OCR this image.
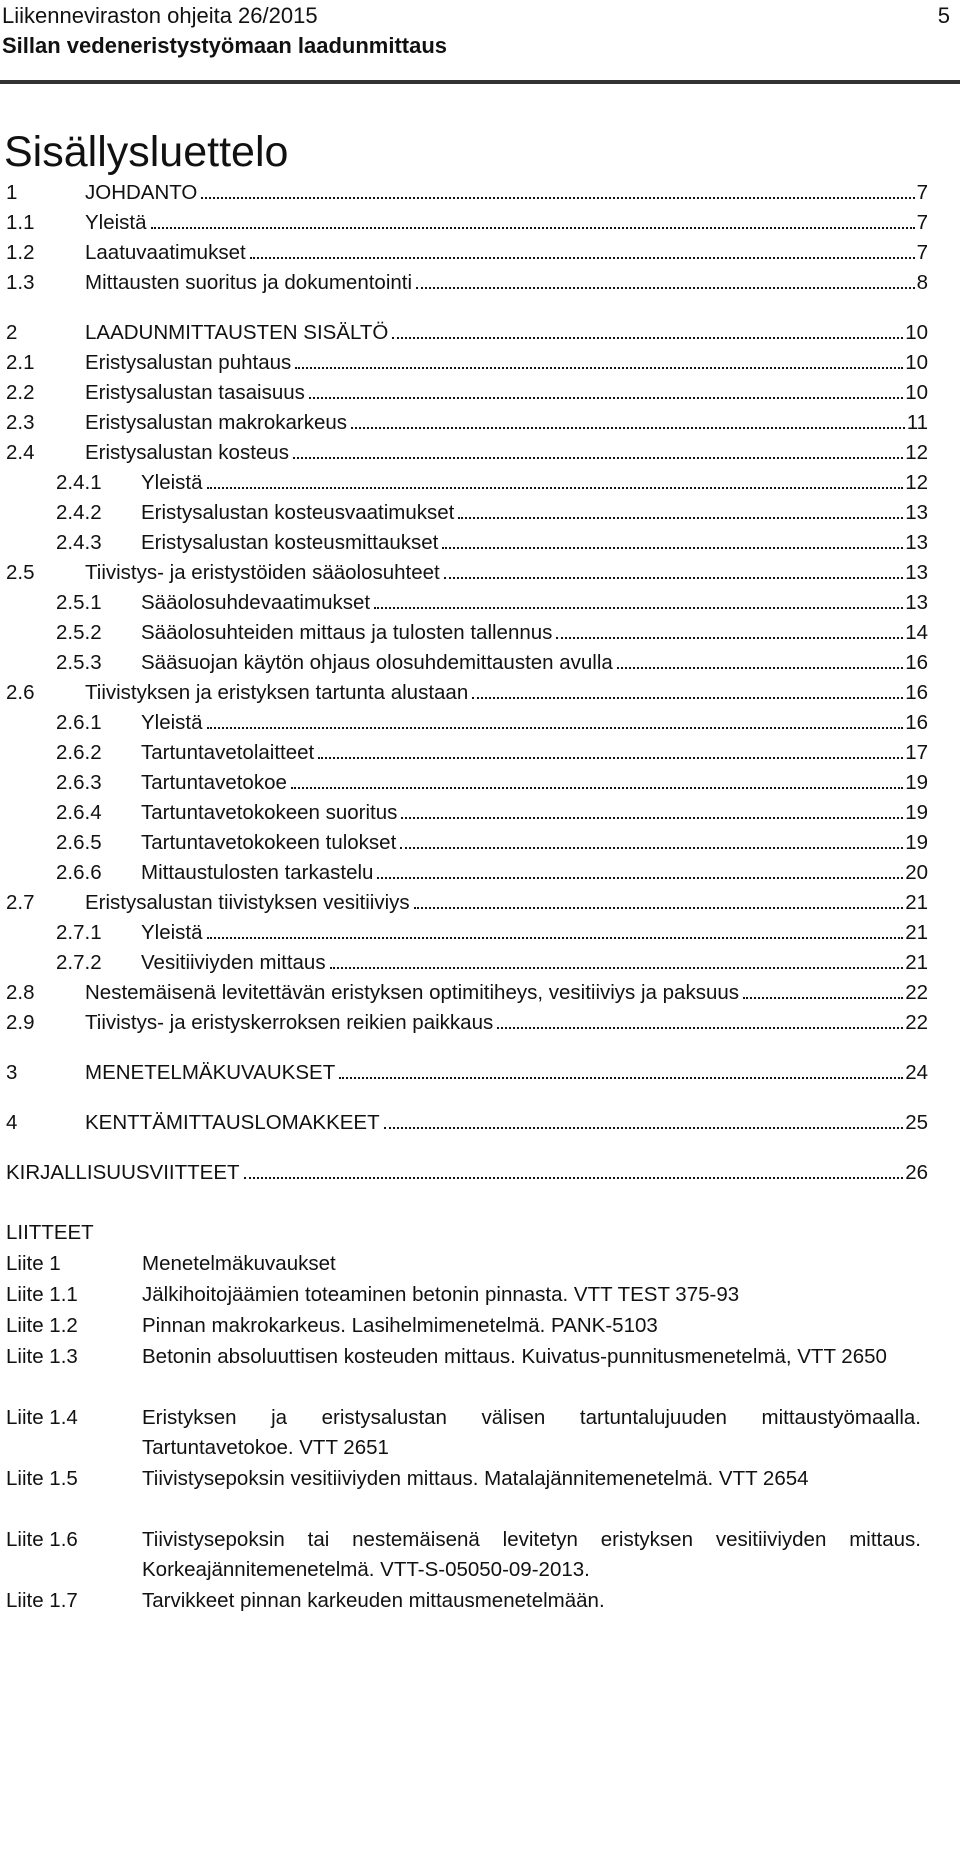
Liikenneviraston ohjeita 26/2015
Sillan vedeneristystyömaan laadunmittaus
5
Sisällysluettelo
1	JOHDANTO	7
1.1	Yleistä	7
1.2	Laatuvaatimukset	7
1.3	Mittausten suoritus ja dokumentointi	8
2	LAADUNMITTAUSTEN SISÄLTÖ	10
2.1	Eristysalustan puhtaus	10
2.2	Eristysalustan tasaisuus	10
2.3	Eristysalustan makrokarkeus	11
2.4	Eristysalustan kosteus	12
2.4.1	Yleistä	12
2.4.2	Eristysalustan kosteusvaatimukset	13
2.4.3	Eristysalustan kosteusmittaukset	13
2.5	Tiivistys- ja eristystöiden sääolosuhteet	13
2.5.1	Sääolosuhdevaatimukset	13
2.5.2	Sääolosuhteiden mittaus ja tulosten tallennus	14
2.5.3	Sääsuojan käytön ohjaus olosuhdemittausten avulla	16
2.6	Tiivistyksen ja eristyksen tartunta alustaan	16
2.6.1	Yleistä	16
2.6.2	Tartuntavetolaitteet	17
2.6.3	Tartuntavetokoe	19
2.6.4	Tartuntavetokokeen suoritus	19
2.6.5	Tartuntavetokokeen tulokset	19
2.6.6	Mittaustulosten tarkastelu	20
2.7	Eristysalustan tiivistyksen vesitiiviys	21
2.7.1	Yleistä	21
2.7.2	Vesitiiviyden mittaus	21
2.8	Nestemäisenä levitettävän eristyksen optimitiheys, vesitiiviys ja paksuus	22
2.9	Tiivistys- ja eristyskerroksen reikien paikkaus	22
3	MENETELMÄKUVAUKSET	24
4	KENTTÄMITTAUSLOMAKKEET	25
KIRJALLISUUSVIITTEET	26
LIITTEET
Liite 1	Menetelmäkuvaukset
Liite 1.1	Jälkihoitojäämien toteaminen betonin pinnasta. VTT TEST 375-93
Liite 1.2	Pinnan makrokarkeus. Lasihelmimenetelmä. PANK-5103
Liite 1.3	Betonin absoluuttisen kosteuden mittaus. Kuivatus-punnitusmenetelmä, VTT 2650
Liite 1.4	Eristyksen ja eristysalustan välisen tartuntalujuuden mittaustyömaalla. Tartuntavetokoe. VTT 2651
Liite 1.5	Tiivistysepoksin vesitiiviyden mittaus. Matalajännitemenetelmä. VTT 2654
Liite 1.6	Tiivistysepoksin tai nestemäisenä levitetyn eristyksen vesitiiviyden mittaus. Korkeajännitemenetelmä. VTT-S-05050-09-2013.
Liite 1.7	Tarvikkeet pinnan karkeuden mittausmenetelmään.
